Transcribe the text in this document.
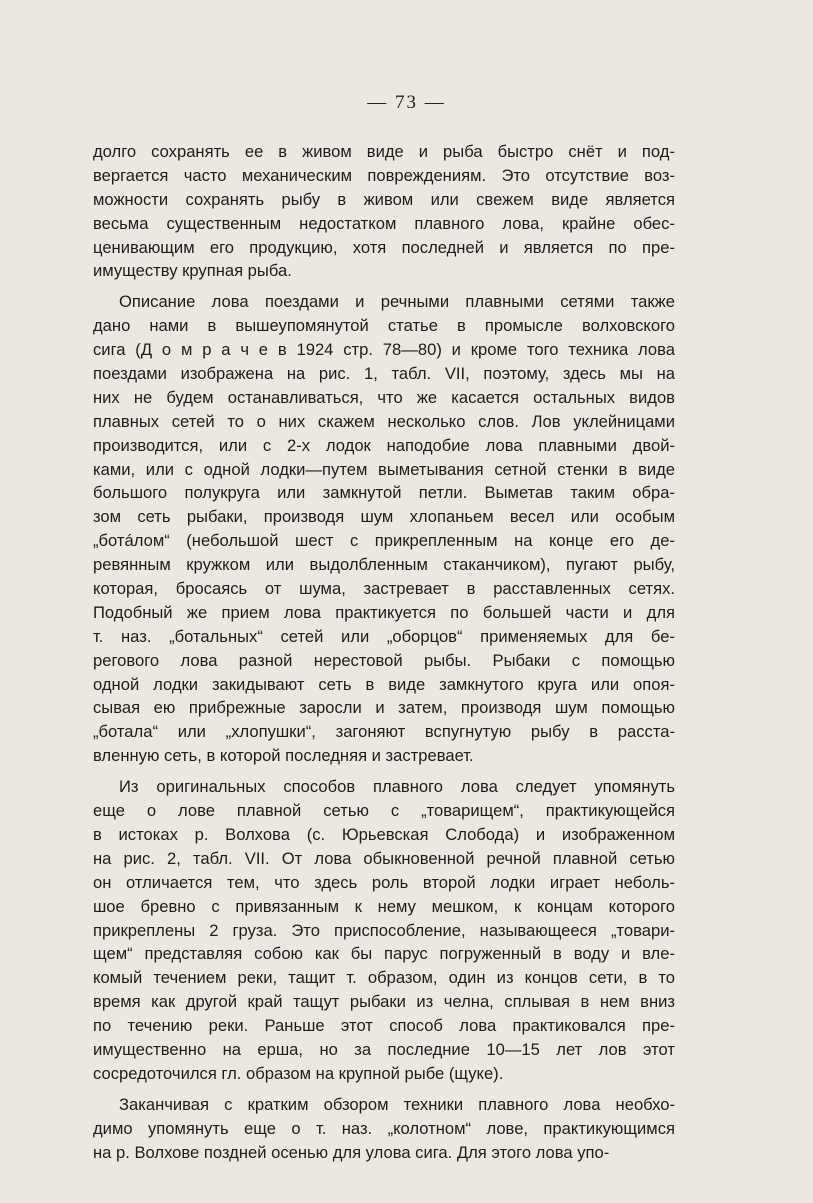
— 73 —
долго сохранять ее в живом виде и рыба быстро снёт и под-
вергается часто механическим повреждениям. Это отсутствие воз-
можности сохранять рыбу в живом или свежем виде является
весьма существенным недостатком плавного лова, крайне обес-
ценивающим его продукцию, хотя последней и является по пре-
имуществу крупная рыба.
Описание лова поездами и речными плавными сетями также
дано нами в вышеупомянутой статье в промысле волховского
сига (Д о м р а ч е в 1924 стр. 78—80) и кроме того техника лова
поездами изображена на рис. 1, табл. VII, поэтому, здесь мы на
них не будем останавливаться, что же касается остальных видов
плавных сетей то о них скажем несколько слов. Лов уклейницами
производится, или с 2-х лодок наподобие лова плавными двой-
ками, или с одной лодки—путем выметывания сетной стенки в виде
большого полукруга или замкнутой петли. Выметав таким обра-
зом сеть рыбаки, производя шум хлопаньем весел или особым
„ботáлом“ (небольшой шест с прикрепленным на конце его де-
ревянным кружком или выдолбленным стаканчиком), пугают рыбу,
которая, бросаясь от шума, застревает в расставленных сетях.
Подобный же прием лова практикуется по большей части и для
т. наз. „ботальных“ сетей или „оборцов“ применяемых для бе-
регового лова разной нерестовой рыбы. Рыбаки с помощью
одной лодки закидывают сеть в виде замкнутого круга или опоя-
сывая ею прибрежные заросли и затем, производя шум помощью
„ботала“ или „хлопушки“, загоняют вспугнутую рыбу в расста-
вленную сеть, в которой последняя и застревает.
Из оригинальных способов плавного лова следует упомянуть
еще о лове плавной сетью с „товарищем“, практикующейся
в истоках р. Волхова (с. Юрьевская Слобода) и изображенном
на рис. 2, табл. VII. От лова обыкновенной речной плавной сетью
он отличается тем, что здесь роль второй лодки играет неболь-
шое бревно с привязанным к нему мешком, к концам которого
прикреплены 2 груза. Это приспособление, называющееся „товари-
щем“ представляя собою как бы парус погруженный в воду и вле-
комый течением реки, тащит т. образом, один из концов сети, в то
время как другой край тащут рыбаки из челна, сплывая в нем вниз
по течению реки. Раньше этот способ лова практиковался пре-
имущественно на ерша, но за последние 10—15 лет лов этот
сосредоточился гл. образом на крупной рыбе (щуке).
Заканчивая с кратким обзором техники плавного лова необхо-
димо упомянуть еще о т. наз. „колотном“ лове, практикующимся
на р. Волхове поздней осенью для улова сига. Для этого лова упо-
